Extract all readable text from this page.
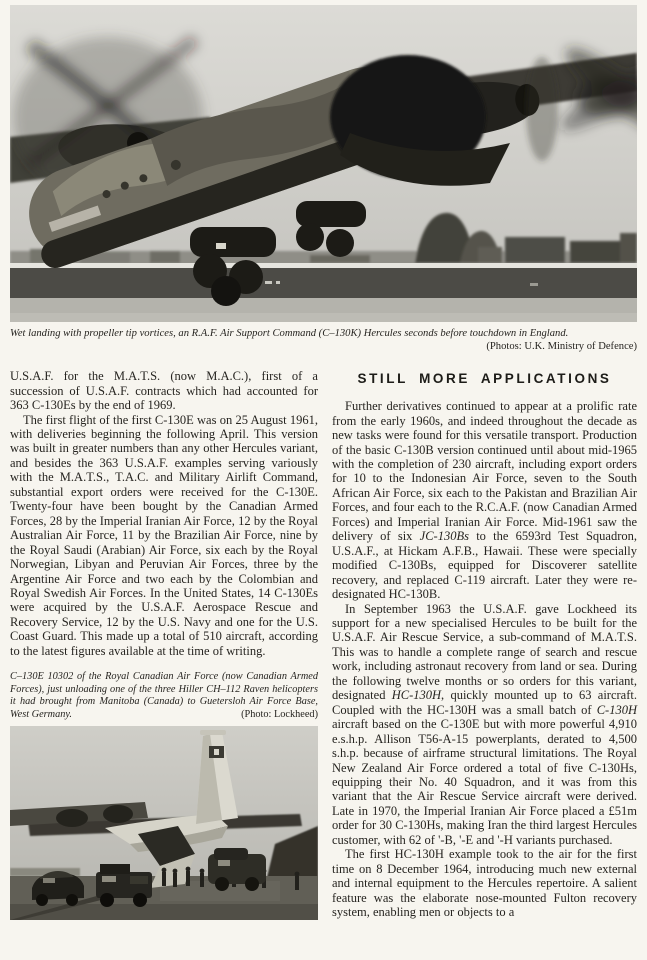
Wet landing with propeller tip vortices, an R.A.F. Air Support Command (C–130K) Hercules seconds before touchdown in England.
(Photos: U.K. Ministry of Defence)

U.S.A.F. for the M.A.T.S. (now M.A.C.), first of a succession of U.S.A.F. contracts which had accounted for 363 C-130Es by the end of 1969.

The first flight of the first C-130E was on 25 August 1961, with deliveries beginning the following April. This version was built in greater numbers than any other Hercules variant, and besides the 363 U.S.A.F. examples serving variously with the M.A.T.S., T.A.C. and Military Airlift Command, substantial export orders were received for the C-130E. Twenty-four have been bought by the Canadian Armed Forces, 28 by the Imperial Iranian Air Force, 12 by the Royal Australian Air Force, 11 by the Brazilian Air Force, nine by the Royal Saudi (Arabian) Air Force, six each by the Royal Norwegian, Libyan and Peruvian Air Forces, three by the Argentine Air Force and two each by the Colombian and Royal Swedish Air Forces. In the United States, 14 C-130Es were acquired by the U.S.A.F. Aerospace Rescue and Recovery Service, 12 by the U.S. Navy and one for the U.S. Coast Guard. This made up a total of 510 aircraft, according to the latest figures available at the time of writing.

C–130E 10302 of the Royal Canadian Air Force (now Canadian Armed Forces), just unloading one of the three Hiller CH–112 Raven helicopters it had brought from Manitoba (Canada) to Guetersloh Air Force Base, West Germany.	(Photo: Lockheed)
STILL MORE APPLICATIONS

Further derivatives continued to appear at a prolific rate from the early 1960s, and indeed throughout the decade as new tasks were found for this versatile transport. Production of the basic C-130B version continued until about mid-1965 with the completion of 230 aircraft, including export orders for 10 to the Indonesian Air Force, seven to the South African Air Force, six each to the Pakistan and Brazilian Air Forces, and four each to the R.C.A.F. (now Canadian Armed Forces) and Imperial Iranian Air Force. Mid-1961 saw the delivery of six JC-130Bs to the 6593rd Test Squadron, U.S.A.F., at Hickam A.F.B., Hawaii. These were specially modified C-130Bs, equipped for Discoverer satellite recovery, and replaced C-119 aircraft. Later they were re-designated HC-130B.

In September 1963 the U.S.A.F. gave Lockheed its support for a new specialised Hercules to be built for the U.S.A.F. Air Rescue Service, a sub-command of M.A.T.S. This was to handle a complete range of search and rescue work, including astronaut recovery from land or sea. During the following twelve months or so orders for this variant, designated HC-130H, quickly mounted up to 63 aircraft. Coupled with the HC-130H was a small batch of C-130H aircraft based on the C-130E but with more powerful 4,910 e.s.h.p. Allison T56-A-15 powerplants, derated to 4,500 s.h.p. because of airframe structural limitations. The Royal New Zealand Air Force ordered a total of five C-130Hs, equipping their No. 40 Squadron, and it was from this variant that the Air Rescue Service aircraft were derived. Late in 1970, the Imperial Iranian Air Force placed a £51m order for 30 C-130Hs, making Iran the third largest Hercules customer, with 62 of '-B, '-E and '-H variants purchased.

The first HC-130H example took to the air for the first time on 8 December 1964, introducing much new external and internal equipment to the Hercules repertoire. A salient feature was the elaborate nose-mounted Fulton recovery system, enabling men or objects to a
